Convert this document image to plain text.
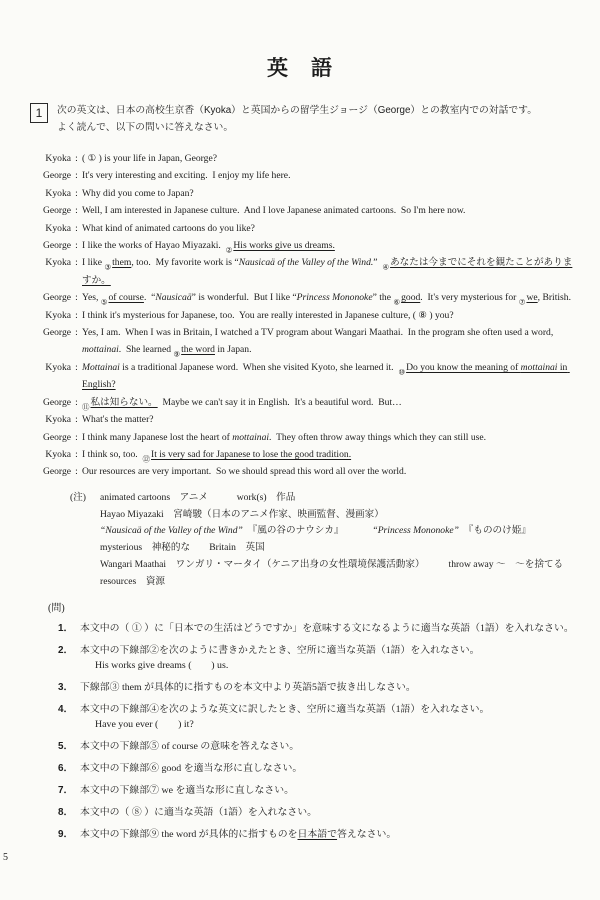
英　語
1	次の英文は、日本の高校生京香（Kyoka）と英国からの留学生ジョージ（George）との教室内での対話です。
よく読んで、以下の問いに答えなさい。
Kyoka : ( ① ) is your life in Japan, George?
George : It's very interesting and exciting.  I enjoy my life here.
Kyoka : Why did you come to Japan?
George : Well, I am interested in Japanese culture.  And I love Japanese animated cartoons.  So I'm here now.
Kyoka : What kind of animated cartoons do you like?
George : I like the works of Hayao Miyazaki.  ②His works give us dreams.
Kyoka : I like ③them, too.  My favorite work is “Nausicaä of the Valley of the Wind.”  ④あなたは今までにそれを観たことがありますか。
George : Yes, ⑤of course.  “Nausicaä” is wonderful.  But I like “Princess Mononoke” the ⑥good.  It's very mysterious for ⑦we, British.
Kyoka : I think it's mysterious for Japanese, too.  You are really interested in Japanese culture, ( ⑧ ) you?
George : Yes, I am.  When I was in Britain, I watched a TV program about Wangari Maathai.  In the program she often used a word, mottainai.  She learned ⑨the word in Japan.
Kyoka : Mottainai is a traditional Japanese word.  When she visited Kyoto, she learned it.  ⑩Do you know the meaning of mottainai in English?
George : ⑪私は知らない。  Maybe we can't say it in English.  It's a beautiful word.  But…
Kyoka : What's the matter?
George : I think many Japanese lost the heart of mottainai.  They often throw away things which they can still use.
Kyoka : I think so, too.  ⑫It is very sad for Japanese to lose the good tradition.
George : Our resources are very important.  So we should spread this word all over the world.
(注) animated cartoons　アニメ            work(s)　作品
Hayao Miyazaki　宮崎駿（日本のアニメ作家、映画監督、漫画家）
“Nausicaä of the Valley of the Wind”　『風の谷のナウシカ』            “Princess Mononoke”　『もののけ姫』
mysterious　神秘的な        Britain　英国
Wangari Maathai　ワンガリ・マータイ（ケニア出身の女性環境保護活動家）          throw away ～　～を捨てる
resources　資源
(問)
1． 本文中の（ ① ）に「日本での生活はどうですか」を意味する文になるように適当な英語（1語）を入れなさい。
2． 本文中の下線部②を次のように書きかえたとき、空所に適当な英語（1語）を入れなさい。
His works give dreams (        ) us.
3． 下線部③ them が具体的に指すものを本文中より英語5語で抜き出しなさい。
4． 本文中の下線部④を次のような英文に訳したとき、空所に適当な英語（1語）を入れなさい。
Have you ever (        ) it?
5． 本文中の下線部⑤ of course の意味を答えなさい。
6． 本文中の下線部⑥ good を適当な形に直しなさい。
7． 本文中の下線部⑦ we を適当な形に直しなさい。
8． 本文中の（ ⑧ ）に適当な英語（1語）を入れなさい。
9． 本文中の下線部⑨ the word が具体的に指すものを日本語で答えなさい。
5
